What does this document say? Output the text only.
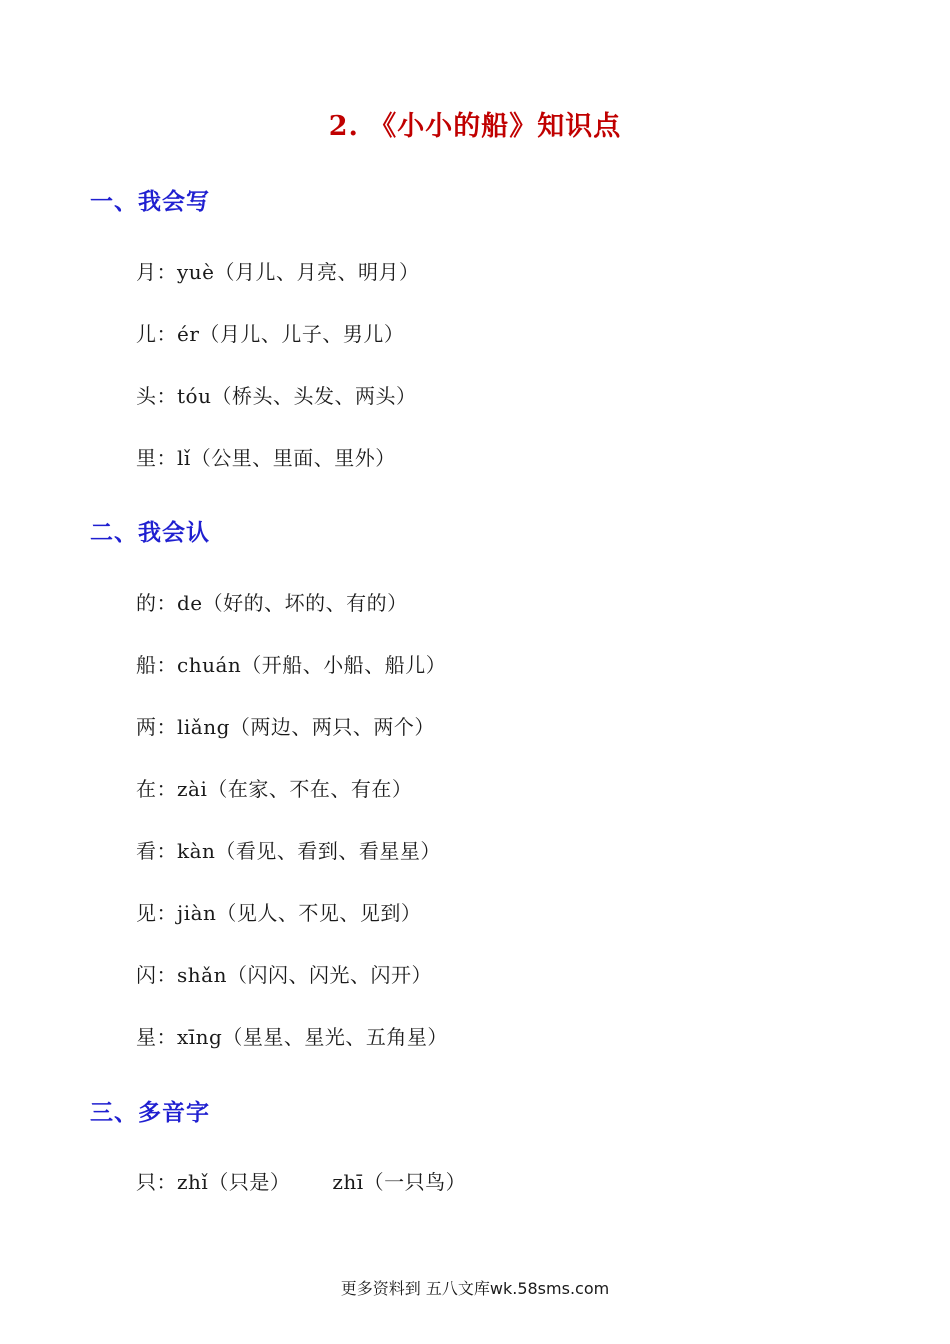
2. 《小小的船》知识点
一、我会写
月：yuè（月儿、月亮、明月）
儿：ér（月儿、儿子、男儿）
头：tóu（桥头、头发、两头）
里：lǐ（公里、里面、里外）
二、我会认
的：de（好的、坏的、有的）
船：chuán（开船、小船、船儿）
两：liǎng（两边、两只、两个）
在：zài（在家、不在、有在）
看：kàn（看见、看到、看星星）
见：jiàn（见人、不见、见到）
闪：shǎn（闪闪、闪光、闪开）
星：xīng（星星、星光、五角星）
三、多音字
只：zhǐ（只是） zhī（一只鸟）
更多资料到 五八文库wk.58sms.com
